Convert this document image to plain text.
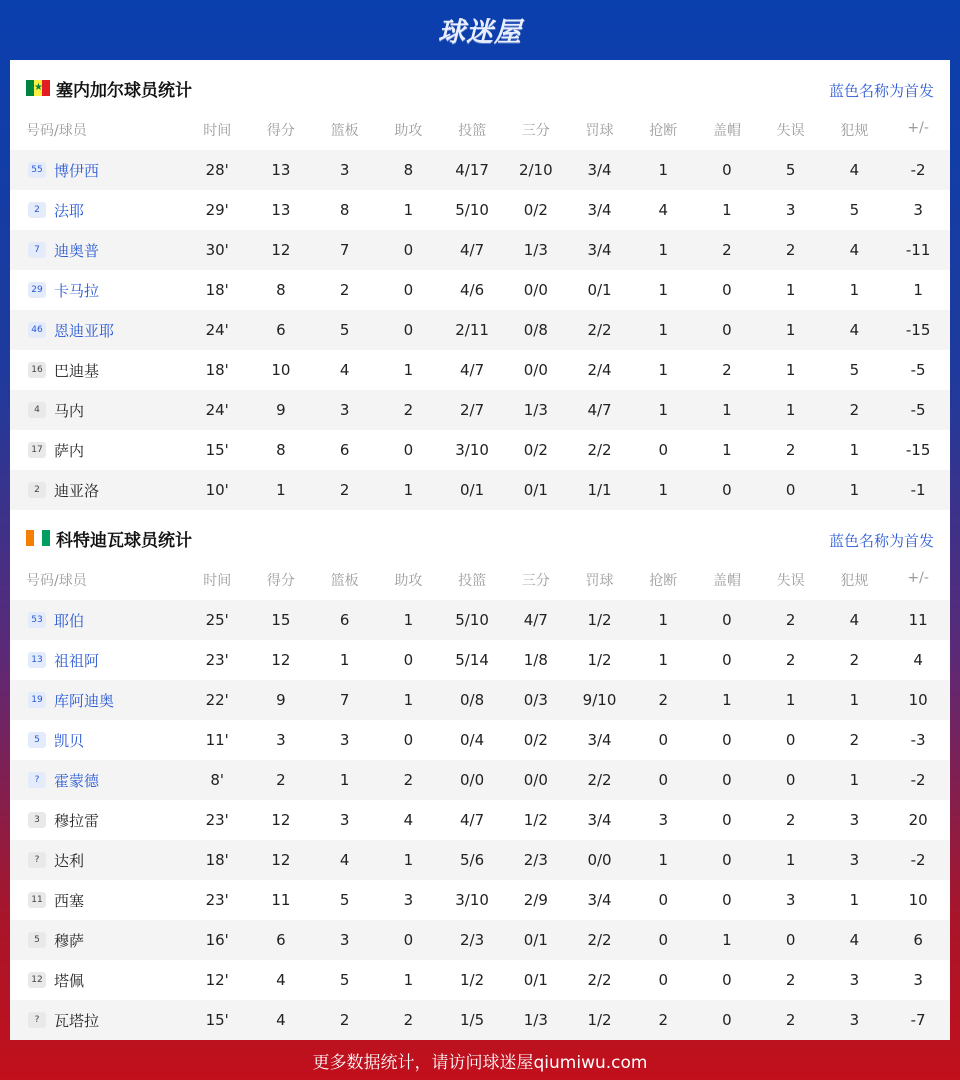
球迷屋
★ 塞内加尔球员统计	蓝色名称为首发
号码/球员	时间	得分	篮板	助攻	投篮	三分	罚球	抢断	盖帽	失误	犯规	+/-
55 博伊西	28'	13	3	8	4/17	2/10	3/4	1	0	5	4	-2
2 法耶	29'	13	8	1	5/10	0/2	3/4	4	1	3	5	3
7 迪奥普	30'	12	7	0	4/7	1/3	3/4	1	2	2	4	-11
29 卡马拉	18'	8	2	0	4/6	0/0	0/1	1	0	1	1	1
46 恩迪亚耶	24'	6	5	0	2/11	0/8	2/2	1	0	1	4	-15
16 巴迪基	18'	10	4	1	4/7	0/0	2/4	1	2	1	5	-5
4 马内	24'	9	3	2	2/7	1/3	4/7	1	1	1	2	-5
17 萨内	15'	8	6	0	3/10	0/2	2/2	0	1	2	1	-15
2 迪亚洛	10'	1	2	1	0/1	0/1	1/1	1	0	0	1	-1
科特迪瓦球员统计	蓝色名称为首发
号码/球员	时间	得分	篮板	助攻	投篮	三分	罚球	抢断	盖帽	失误	犯规	+/-
53 耶伯	25'	15	6	1	5/10	4/7	1/2	1	0	2	4	11
13 祖祖阿	23'	12	1	0	5/14	1/8	1/2	1	0	2	2	4
19 库阿迪奥	22'	9	7	1	0/8	0/3	9/10	2	1	1	1	10
5 凯贝	11'	3	3	0	0/4	0/2	3/4	0	0	0	2	-3
? 霍蒙德	8'	2	1	2	0/0	0/0	2/2	0	0	0	1	-2
3 穆拉雷	23'	12	3	4	4/7	1/2	3/4	3	0	2	3	20
? 达利	18'	12	4	1	5/6	2/3	0/0	1	0	1	3	-2
11 西塞	23'	11	5	3	3/10	2/9	3/4	0	0	3	1	10
5 穆萨	16'	6	3	0	2/3	0/1	2/2	0	1	0	4	6
12 塔佩	12'	4	5	1	1/2	0/1	2/2	0	0	2	3	3
? 瓦塔拉	15'	4	2	2	1/5	1/3	1/2	2	0	2	3	-7
更多数据统计，请访问球迷屋qiumiwu.com
